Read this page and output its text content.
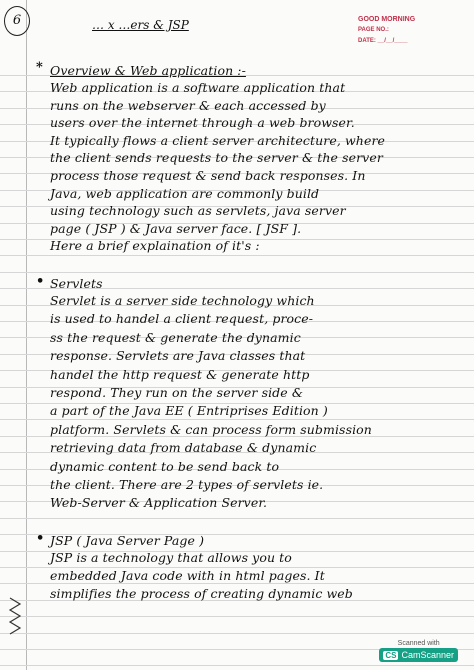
6	… x …ers & JSP	GOOD MORNING
PAGE NO.:
DATE: __/__/____
* Overview & Web application :-
Web application is a software application that
runs on the webserver & each accessed by
users over the internet through a web browser.
It typically flows a client server architecture, where
the client sends requests to the server & the server
process those request & send back responses. In
Java, web application are commonly build
using technology such as servlets, java server
page ( JSP ) & Java server face. [ JSF ].
Here a brief explaination of it's :
• Servlets
Servlet is a server side technology which
is used to handel a client request, proce-
ss the request & generate the dynamic
response. Servlets are Java classes that
handel the http request & generate http
respond. They run on the server side &
a part of the Java EE ( Entriprises Edition )
platform. Servlets & can process form submission
retrieving data from database & dynamic
dynamic content to be send back to
the client. There are 2 types of servlets ie.
Web-Server & Application Server.
• JSP ( Java Server Page )
JSP is a technology that allows you to
embedded Java code with in html pages. It
simplifies the process of creating dynamic web
Scanned with
CS CamScanner
